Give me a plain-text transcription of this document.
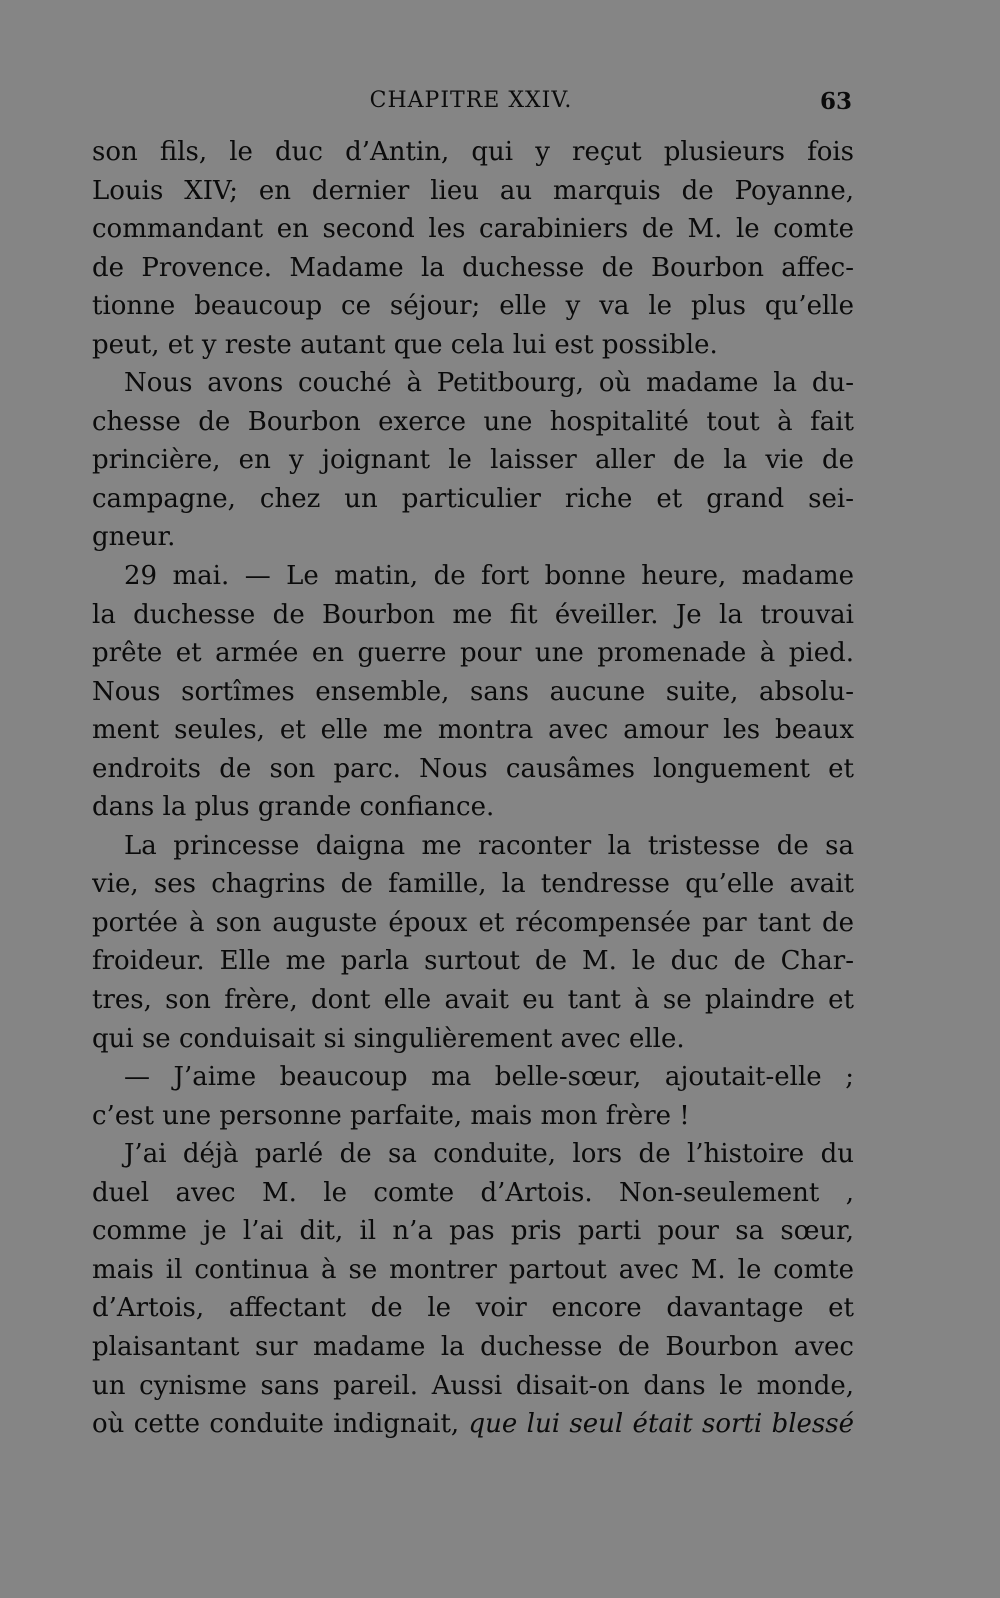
CHAPITRE XXIV.	63
son fils, le duc d’Antin, qui y reçut plusieurs fois
Louis XIV; en dernier lieu au marquis de Poyanne,
commandant en second les carabiniers de M. le comte
de Provence. Madame la duchesse de Bourbon affec-
tionne beaucoup ce séjour; elle y va le plus qu’elle
peut, et y reste autant que cela lui est possible.
Nous avons couché à Petitbourg, où madame la du-
chesse de Bourbon exerce une hospitalité tout à fait
princière, en y joignant le laisser aller de la vie de
campagne, chez un particulier riche et grand sei-
gneur.
29 mai. — Le matin, de fort bonne heure, madame
la duchesse de Bourbon me fit éveiller. Je la trouvai
prête et armée en guerre pour une promenade à pied.
Nous sortîmes ensemble, sans aucune suite, absolu-
ment seules, et elle me montra avec amour les beaux
endroits de son parc. Nous causâmes longuement et
dans la plus grande confiance.
La princesse daigna me raconter la tristesse de sa
vie, ses chagrins de famille, la tendresse qu’elle avait
portée à son auguste époux et récompensée par tant de
froideur. Elle me parla surtout de M. le duc de Char-
tres, son frère, dont elle avait eu tant à se plaindre et
qui se conduisait si singulièrement avec elle.
— J’aime beaucoup ma belle-sœur, ajoutait-elle ;
c’est une personne parfaite, mais mon frère !
J’ai déjà parlé de sa conduite, lors de l’histoire du
duel avec M. le comte d’Artois. Non-seulement ,
comme je l’ai dit, il n’a pas pris parti pour sa sœur,
mais il continua à se montrer partout avec M. le comte
d’Artois, affectant de le voir encore davantage et
plaisantant sur madame la duchesse de Bourbon avec
un cynisme sans pareil. Aussi disait-on dans le monde,
où cette conduite indignait, que lui seul était sorti blessé
